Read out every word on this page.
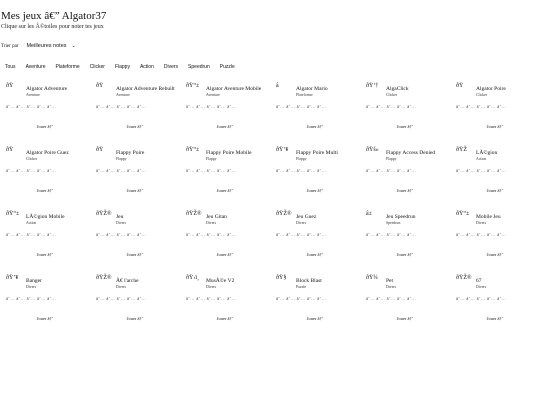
Mes jeux â€” Algator37
Clique sur les Ã©toiles pour noter tes jeux
Trier par Meilleures notes ⌄
Tous	Aventure	Plateforme	Clicker	Flappy	Action	Divers	Speedrun	Puzzle
ðŸ Algator Adventure
Aventure
â˜… â˜… â˜… â˜… â˜…
Jouer â†’
ðŸ Algator Adventure Rebuilt
Aventure
â˜… â˜… â˜… â˜… â˜…
Jouer â†’
ðŸ“± Algator Aventure Mobile
Aventure
â˜… â˜… â˜… â˜… â˜…
Jouer â†’
â	Algator Mario
Plateforme
â˜… â˜… â˜… â˜… â˜…
Jouer â†’
ðŸ‘† AlgaClick
Clicker
â˜… â˜… â˜… â˜… â˜…
Jouer â†’
ðŸ Algator Poire
Clicker
â˜… â˜… â˜… â˜… â˜…
Jouer â†’
ðŸ Algator Poire Guez
Clicker
â˜… â˜… â˜… â˜… â˜…
Jouer â†’
ðŸ Flappy Poire
Flappy
â˜… â˜… â˜… â˜… â˜…
Jouer â†’
ðŸ“± Flappy Poire Mobile
Flappy
â˜… â˜… â˜… â˜… â˜…
Jouer â†’
ðŸ‘¥ Flappy Poire Multi
Flappy
â˜… â˜… â˜… â˜… â˜…
Jouer â†’
ðŸš« Flappy Access Denied
Flappy
â˜… â˜… â˜… â˜… â˜…
Jouer â†’
ðŸŽ LÃ©gion
Action
â˜… â˜… â˜… â˜… â˜…
Jouer â†’
ðŸ“± LÃ©gion Mobile
Action
â˜… â˜… â˜… â˜… â˜…
Jouer â†’
ðŸŽ® Jeu
Divers
â˜… â˜… â˜… â˜… â˜…
Jouer â†’
ðŸŽ® Jeu Gitan
Divers
â˜… â˜… â˜… â˜… â˜…
Jouer â†’
ðŸŽ® Jeu Guez
Divers
â˜… â˜… â˜… â˜… â˜…
Jouer â†’
â±	Jeu Speedrun
Speedrun
â˜… â˜… â˜… â˜… â˜…
Jouer â†’
ðŸ“± Mobile Jeu
Divers
â˜… â˜… â˜… â˜… â˜…
Jouer â†’
ðŸ’¥ Banger
Divers
â˜… â˜… â˜… â˜… â˜…
Jouer â†’
ðŸŽ® Ã€ l'arche
Divers
â˜… â˜… â˜… â˜… â˜…
Jouer â†’
ðŸ›ï¸ MusÃ©e V2
Divers
â˜… â˜… â˜… â˜… â˜…
Jouer â†’
ðŸ§ Block Blast
Puzzle
â˜… â˜… â˜… â˜… â˜…
Jouer â†’
ðŸ¾ Pet
Divers
â˜… â˜… â˜… â˜… â˜…
Jouer â†’
ðŸŽ® 67
Divers
â˜… â˜… â˜… â˜… â˜…
Jouer â†’
